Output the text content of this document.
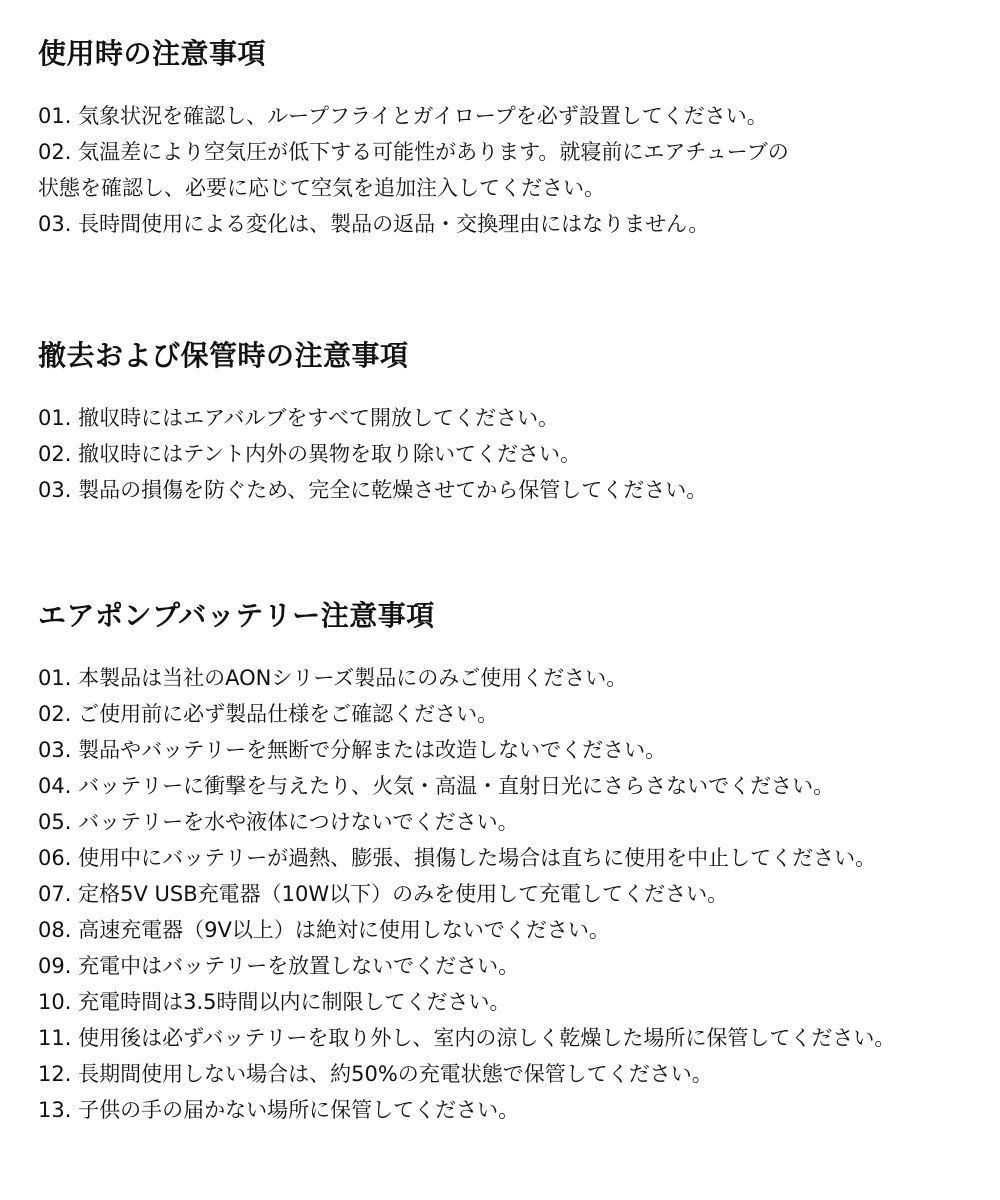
使用時の注意事項
01. 気象状況を確認し、ループフライとガイロープを必ず設置してください。
02. 気温差により空気圧が低下する可能性があります。就寝前にエアチューブの
状態を確認し、必要に応じて空気を追加注入してください。
03. 長時間使用による変化は、製品の返品・交換理由にはなりません。
撤去および保管時の注意事項
01. 撤収時にはエアバルブをすべて開放してください。
02. 撤収時にはテント内外の異物を取り除いてください。
03. 製品の損傷を防ぐため、完全に乾燥させてから保管してください。
エアポンプバッテリー注意事項
01. 本製品は当社のAONシリーズ製品にのみご使用ください。
02. ご使用前に必ず製品仕様をご確認ください。
03. 製品やバッテリーを無断で分解または改造しないでください。
04. バッテリーに衝撃を与えたり、火気・高温・直射日光にさらさないでください。
05. バッテリーを水や液体につけないでください。
06. 使用中にバッテリーが過熱、膨張、損傷した場合は直ちに使用を中止してください。
07. 定格5V USB充電器（10W以下）のみを使用して充電してください。
08. 高速充電器（9V以上）は絶対に使用しないでください。
09. 充電中はバッテリーを放置しないでください。
10. 充電時間は3.5時間以内に制限してください。
11. 使用後は必ずバッテリーを取り外し、室内の涼しく乾燥した場所に保管してください。
12. 長期間使用しない場合は、約50%の充電状態で保管してください。
13. 子供の手の届かない場所に保管してください。
